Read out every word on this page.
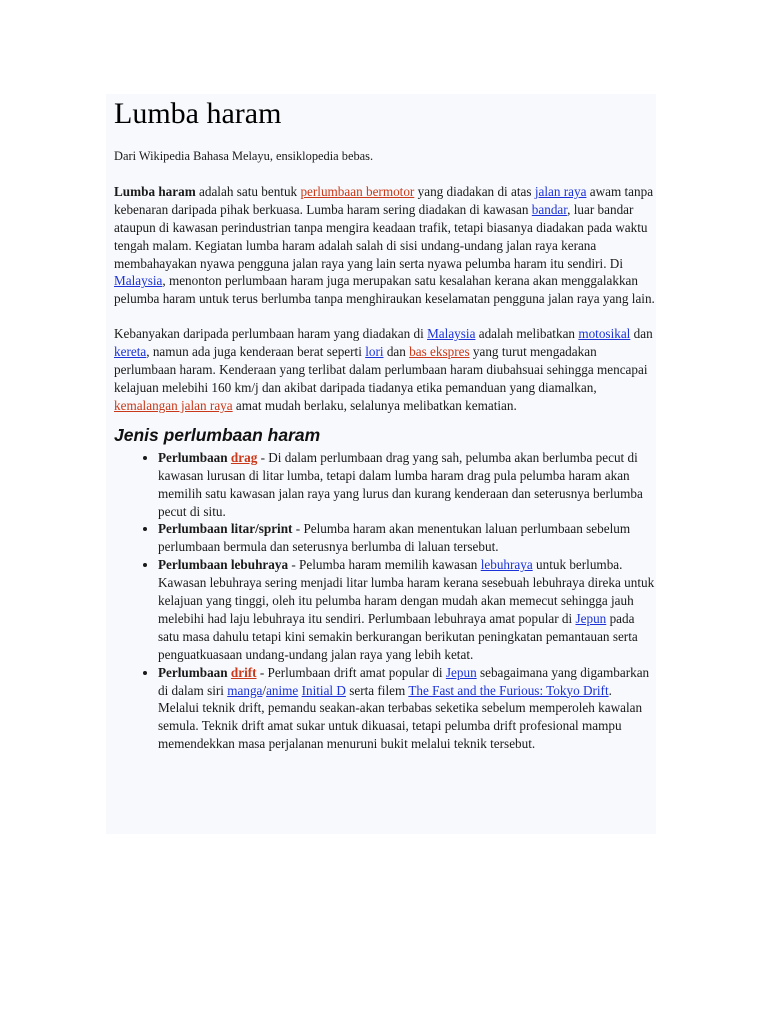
Lumba haram

Dari Wikipedia Bahasa Melayu, ensiklopedia bebas.

Lumba haram adalah satu bentuk perlumbaan bermotor yang diadakan di atas jalan raya awam tanpa kebenaran daripada pihak berkuasa. Lumba haram sering diadakan di kawasan bandar, luar bandar ataupun di kawasan perindustrian tanpa mengira keadaan trafik, tetapi biasanya diadakan pada waktu tengah malam. Kegiatan lumba haram adalah salah di sisi undang-undang jalan raya kerana membahayakan nyawa pengguna jalan raya yang lain serta nyawa pelumba haram itu sendiri. Di Malaysia, menonton perlumbaan haram juga merupakan satu kesalahan kerana akan menggalakkan pelumba haram untuk terus berlumba tanpa menghiraukan keselamatan pengguna jalan raya yang lain.

Kebanyakan daripada perlumbaan haram yang diadakan di Malaysia adalah melibatkan motosikal dan kereta, namun ada juga kenderaan berat seperti lori dan bas ekspres yang turut mengadakan perlumbaan haram. Kenderaan yang terlibat dalam perlumbaan haram diubahsuai sehingga mencapai kelajuan melebihi 160 km/j dan akibat daripada tiadanya etika pemanduan yang diamalkan, kemalangan jalan raya amat mudah berlaku, selalunya melibatkan kematian.

Jenis perlumbaan haram
• Perlumbaan drag - Di dalam perlumbaan drag yang sah, pelumba akan berlumba pecut di kawasan lurusan di litar lumba, tetapi dalam lumba haram drag pula pelumba haram akan memilih satu kawasan jalan raya yang lurus dan kurang kenderaan dan seterusnya berlumba pecut di situ.
• Perlumbaan litar/sprint - Pelumba haram akan menentukan laluan perlumbaan sebelum perlumbaan bermula dan seterusnya berlumba di laluan tersebut.
• Perlumbaan lebuhraya - Pelumba haram memilih kawasan lebuhraya untuk berlumba. Kawasan lebuhraya sering menjadi litar lumba haram kerana sesebuah lebuhraya direka untuk kelajuan yang tinggi, oleh itu pelumba haram dengan mudah akan memecut sehingga jauh melebihi had laju lebuhraya itu sendiri. Perlumbaan lebuhraya amat popular di Jepun pada satu masa dahulu tetapi kini semakin berkurangan berikutan peningkatan pemantauan serta penguatkuasaan undang-undang jalan raya yang lebih ketat.
• Perlumbaan drift - Perlumbaan drift amat popular di Jepun sebagaimana yang digambarkan di dalam siri manga/anime Initial D serta filem The Fast and the Furious: Tokyo Drift. Melalui teknik drift, pemandu seakan-akan terbabas seketika sebelum memperoleh kawalan semula. Teknik drift amat sukar untuk dikuasai, tetapi pelumba drift profesional mampu memendekkan masa perjalanan menuruni bukit melalui teknik tersebut.
